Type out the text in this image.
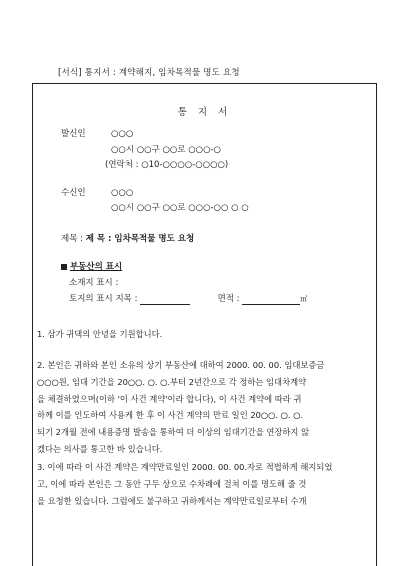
[서식] 통지서 : 계약해지, 임차목적물 명도 요청
통 지 서
발신인	○○○
○○시 ○○구 ○○로 ○○○-○
(연락처 : ○10-○○○○-○○○○)
수신인	○○○
○○시 ○○구 ○○로 ○○○-○○ ○ ○
제목 : 제 목 : 임차목적물 명도 요청
부동산의 표시
소재지 표시 :
토지의 표시 지목 :	면적 :	㎡
1. 삼가 귀댁의 안녕을 기원합니다.
2. 본인은 귀하와 본인 소유의 상기 부동산에 대하여 2000. 00. 00. 임대보증금
○○○원, 임대 기간을 20○○. ○. ○.부터 2년간으로 각 정하는 임대차계약
을 체결하였으며(이하 '이 사건 계약'이라 합니다), 이 사건 계약에 따라 귀
하께 이를 인도하여 사용케 한 후 이 사건 계약의 만료 일인 20○○. ○. ○.
되기 2개월 전에 내용증명 발송을 통하여 더 이상의 임대기간을 연장하지 않
겠다는 의사를 통고한 바 있습니다.
3. 이에 따라 이 사건 계약은 계약만료일인 2000. 00. 00.자로 적법하게 해지되었
고, 이에 따라 본인은 그 동안 구두 상으로 수차례에 걸쳐 이를 명도해 줄 것
을 요청한 있습니다. 그럼에도 불구하고 귀하께서는 계약만료일로부터 수개
